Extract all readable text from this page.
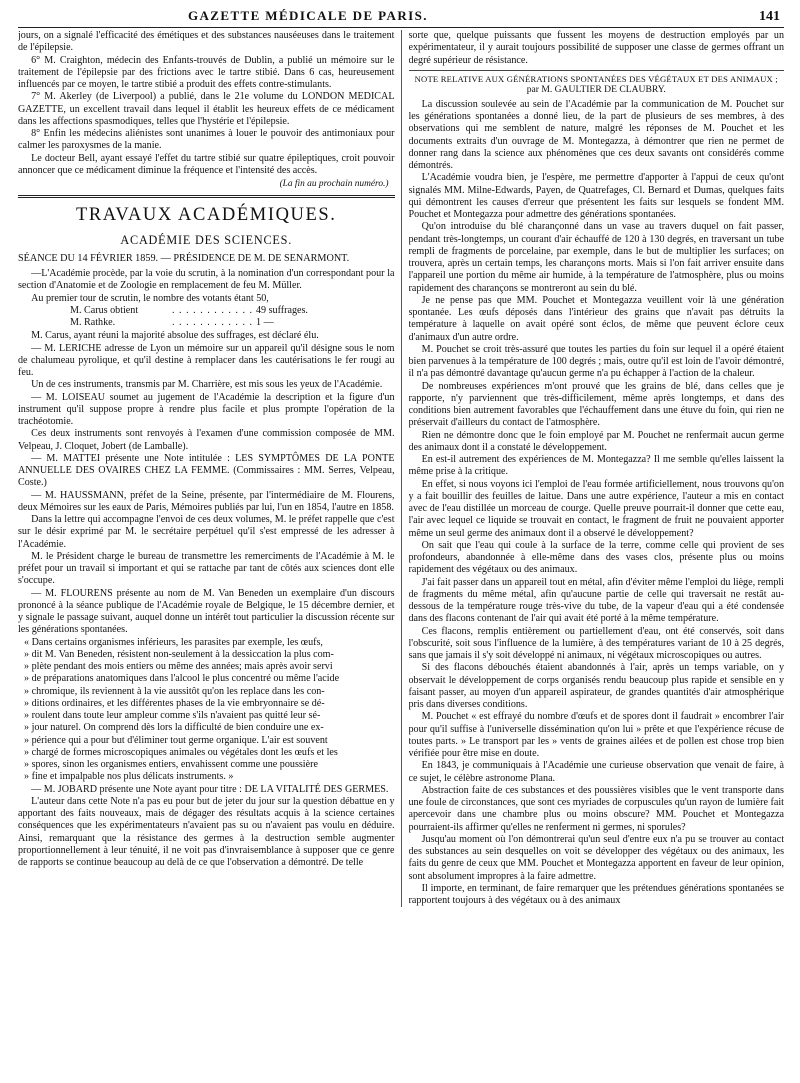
GAZETTE MÉDICALE DE PARIS.	141

jours, on a signalé l'efficacité des émétiques et des substances nauséeuses dans le traitement de l'épilepsie.

6° M. Craighton, médecin des Enfants-trouvés de Dublin, a publié un mémoire sur le traitement de l'épilepsie par des frictions avec le tartre stibié. Dans 6 cas, heureusement influencés par ce moyen, le tartre stibié a produit des effets contre-stimulants.

7° M. Akerley (de Liverpool) a publié, dans le 21e volume du LONDON MEDICAL GAZETTE, un excellent travail dans lequel il établit les heureux effets de ce médicament dans les affections spasmodiques, telles que l'hystérie et l'épilepsie.

8° Enfin les médecins aliénistes sont unanimes à louer le pouvoir des antimoniaux pour calmer les paroxysmes de la manie.

Le docteur Bell, ayant essayé l'effet du tartre stibié sur quatre épileptiques, croit pouvoir annoncer que ce médicament diminue la fréquence et l'intensité des accès.

(La fin au prochain numéro.)
TRAVAUX ACADÉMIQUES.
ACADÉMIE DES SCIENCES.

SÉANCE DU 14 FÉVRIER 1859. — PRÉSIDENCE DE M. DE SENARMONT.

—L'Académie procède, par la voie du scrutin, à la nomination d'un correspondant pour la section d'Anatomie et de Zoologie en remplacement de feu M. Müller.

Au premier tour de scrutin, le nombre des votants étant 50,

M. Carus obtient	. . . . . . . . . . . . 49 suffrages.
M. Rathke.	. . . . . . . . . . . . 1 —

M. Carus, ayant réuni la majorité absolue des suffrages, est déclaré élu.

— M. LERICHE adresse de Lyon un mémoire sur un appareil qu'il désigne sous le nom de chalumeau pyrolique, et qu'il destine à remplacer dans les cautérisations le fer rougi au feu.

Un de ces instruments, transmis par M. Charrière, est mis sous les yeux de l'Académie.

— M. LOISEAU soumet au jugement de l'Académie la description et la figure d'un instrument qu'il suppose propre à rendre plus facile et plus prompte l'opération de la trachéotomie.

Ces deux instruments sont renvoyés à l'examen d'une commission composée de MM. Velpeau, J. Cloquet, Jobert (de Lamballe).

— M. MATTEI présente une Note intitulée : LES SYMPTÔMES DE LA PONTE ANNUELLE DES OVAIRES CHEZ LA FEMME. (Commissaires : MM. Serres, Velpeau, Coste.)

— M. HAUSSMANN, préfet de la Seine, présente, par l'intermédiaire de M. Flourens, deux Mémoires sur les eaux de Paris, Mémoires publiés par lui, l'un en 1854, l'autre en 1858.

Dans la lettre qui accompagne l'envoi de ces deux volumes, M. le préfet rappelle que c'est sur le désir exprimé par M. le secrétaire perpétuel qu'il s'est empressé de les adresser à l'Académie.

M. le Président charge le bureau de transmettre les remerciments de l'Académie à M. le préfet pour un travail si important et qui se rattache par tant de côtés aux sciences dont elle s'occupe.

— M. FLOURENS présente au nom de M. Van Beneden un exemplaire d'un discours prononcé à la séance publique de l'Académie royale de Belgique, le 15 décembre dernier, et y signale le passage suivant, auquel donne un intérêt tout particulier la discussion récente sur les générations spontanées.

« Dans certains organismes inférieurs, les parasites par exemple, les œufs,

» dit M. Van Beneden, résistent non-seulement à la dessiccation la plus com-

» plète pendant des mois entiers ou même des années; mais après avoir servi

» de préparations anatomiques dans l'alcool le plus concentré ou même l'acide

» chromique, ils reviennent à la vie aussitôt qu'on les replace dans les con-

» ditions ordinaires, et les différentes phases de la vie embryonnaire se dé-

» roulent dans toute leur ampleur comme s'ils n'avaient pas quitté leur sé-

» jour naturel. On comprend dès lors la difficulté de bien conduire une ex-

» périence qui a pour but d'éliminer tout germe organique. L'air est souvent

» chargé de formes microscopiques animales ou végétales dont les œufs et les

» spores, sinon les organismes entiers, envahissent comme une poussière

» fine et impalpable nos plus délicats instruments. »

— M. JOBARD présente une Note ayant pour titre : DE LA VITALITÉ DES GERMES.

L'auteur dans cette Note n'a pas eu pour but de jeter du jour sur la question débattue en y apportant des faits nouveaux, mais de dégager des résultats acquis à la science certaines conséquences que les expérimentateurs n'avaient pas su ou n'avaient pas voulu en déduire. Ainsi, remarquant que la résistance des germes à la destruction semble augmenter proportionnellement à leur ténuité, il ne voit pas d'invraisemblance à supposer que ce genre de rapports se continue beaucoup au delà de ce que l'observation a démontré. De telle

sorte que, quelque puissants que fussent les moyens de destruction employés par un expérimentateur, il y aurait toujours possibilité de supposer une classe de germes offrant un degré supérieur de résistance.

NOTE RELATIVE AUX GÉNÉRATIONS SPONTANÉES DES VÉGÉTAUX ET DES ANIMAUX ;
par M. GAULTIER DE CLAUBRY.

La discussion soulevée au sein de l'Académie par la communication de M. Pouchet sur les générations spontanées a donné lieu, de la part de plusieurs de ses membres, à des observations qui me semblent de nature, malgré les réponses de M. Pouchet et les documents extraits d'un ouvrage de M. Montegazza, à démontrer que rien ne permet de donner rang dans la science aux phénomènes que ces deux savants ont considérés comme démontrés.

L'Académie voudra bien, je l'espère, me permettre d'apporter à l'appui de ceux qu'ont signalés MM. Milne-Edwards, Payen, de Quatrefages, Cl. Bernard et Dumas, quelques faits qui démontrent les causes d'erreur que présentent les faits sur lesquels se fondent MM. Pouchet et Montegazza pour admettre des générations spontanées.

Qu'on introduise du blé charançonné dans un vase au travers duquel on fait passer, pendant très-longtemps, un courant d'air échauffé de 120 à 130 degrés, en traversant un tube rempli de fragments de porcelaine, par exemple, dans le but de multiplier les surfaces; on trouvera, après un certain temps, les charançons morts. Mais si l'on fait arriver ensuite dans l'appareil une portion du même air humide, à la température de l'atmosphère, plus ou moins rapidement des charançons se montreront au sein du blé.

Je ne pense pas que MM. Pouchet et Montegazza veuillent voir là une génération spontanée. Les œufs déposés dans l'intérieur des grains que n'avait pas détruits la température à laquelle on avait opéré sont éclos, de même que peuvent éclore ceux d'animaux d'un autre ordre.

M. Pouchet se croit très-assuré que toutes les parties du foin sur lequel il a opéré étaient bien parvenues à la température de 100 degrés ; mais, outre qu'il est loin de l'avoir démontré, il n'a pas démontré davantage qu'aucun germe n'a pu échapper à l'action de la chaleur.

De nombreuses expériences m'ont prouvé que les grains de blé, dans celles que je rapporte, n'y parviennent que très-difficilement, même après longtemps, et dans des conditions bien autrement favorables que l'échauffement dans une étuve du foin, qui rien ne préservait d'ailleurs du contact de l'atmosphère.

Rien ne démontre donc que le foin employé par M. Pouchet ne renfermait aucun germe des animaux dont il a constaté le développement.

En est-il autrement des expériences de M. Montegazza? Il me semble qu'elles laissent la même prise à la critique.

En effet, si nous voyons ici l'emploi de l'eau formée artificiellement, nous trouvons qu'on y a fait bouillir des feuilles de laitue. Dans une autre expérience, l'auteur a mis en contact avec de l'eau distillée un morceau de courge. Quelle preuve pourrait-il donner que cette eau, l'air avec lequel ce liquide se trouvait en contact, le fragment de fruit ne pouvaient apporter même un seul germe des animaux dont il a observé le développement?

On sait que l'eau qui coule à la surface de la terre, comme celle qui provient de ses profondeurs, abandonnée à elle-même dans des vases clos, présente plus ou moins rapidement des végétaux ou des animaux.

J'ai fait passer dans un appareil tout en métal, afin d'éviter même l'emploi du liège, rempli de fragments du même métal, afin qu'aucune partie de celle qui traversait ne restât au-dessous de la température rouge très-vive du tube, de la vapeur d'eau qui a été condensée dans des flacons contenant de l'air qui avait été porté à la même température.

Ces flacons, remplis entièrement ou partiellement d'eau, ont été conservés, soit dans l'obscurité, soit sous l'influence de la lumière, à des températures variant de 10 à 25 degrés, sans que jamais il s'y soit développé ni animaux, ni végétaux microscopiques ou autres.

Si des flacons débouchés étaient abandonnés à l'air, après un temps variable, on y observait le développement de corps organisés rendu beaucoup plus rapide et sensible en y faisant passer, au moyen d'un appareil aspirateur, de grandes quantités d'air atmosphérique pris dans diverses conditions.

M. Pouchet « est effrayé du nombre d'œufs et de spores dont il faudrait » encombrer l'air pour qu'il suffise à l'universelle dissémination qu'on lui » prête et que l'expérience récuse de toutes parts. » Le transport par les » vents de graines ailées et de pollen est chose trop bien vérifiée pour être mise en doute.

En 1843, je communiquais à l'Académie une curieuse observation que venait de faire, à ce sujet, le célèbre astronome Plana.

Abstraction faite de ces substances et des poussières visibles que le vent transporte dans une foule de circonstances, que sont ces myriades de corpuscules qu'un rayon de lumière fait apercevoir dans une chambre plus ou moins obscure? MM. Pouchet et Montegazza pourraient-ils affirmer qu'elles ne renferment ni germes, ni sporules?

Jusqu'au moment où l'on démontrerai qu'un seul d'entre eux n'a pu se trouver au contact des substances au sein desquelles on voit se développer des végétaux ou des animaux, les faits du genre de ceux que MM. Pouchet et Montegazza apportent en faveur de leur opinion, sont absolument impropres à la faire admettre.

Il importe, en terminant, de faire remarquer que les prétendues générations spontanées se rapportent toujours à des végétaux ou à des animaux
